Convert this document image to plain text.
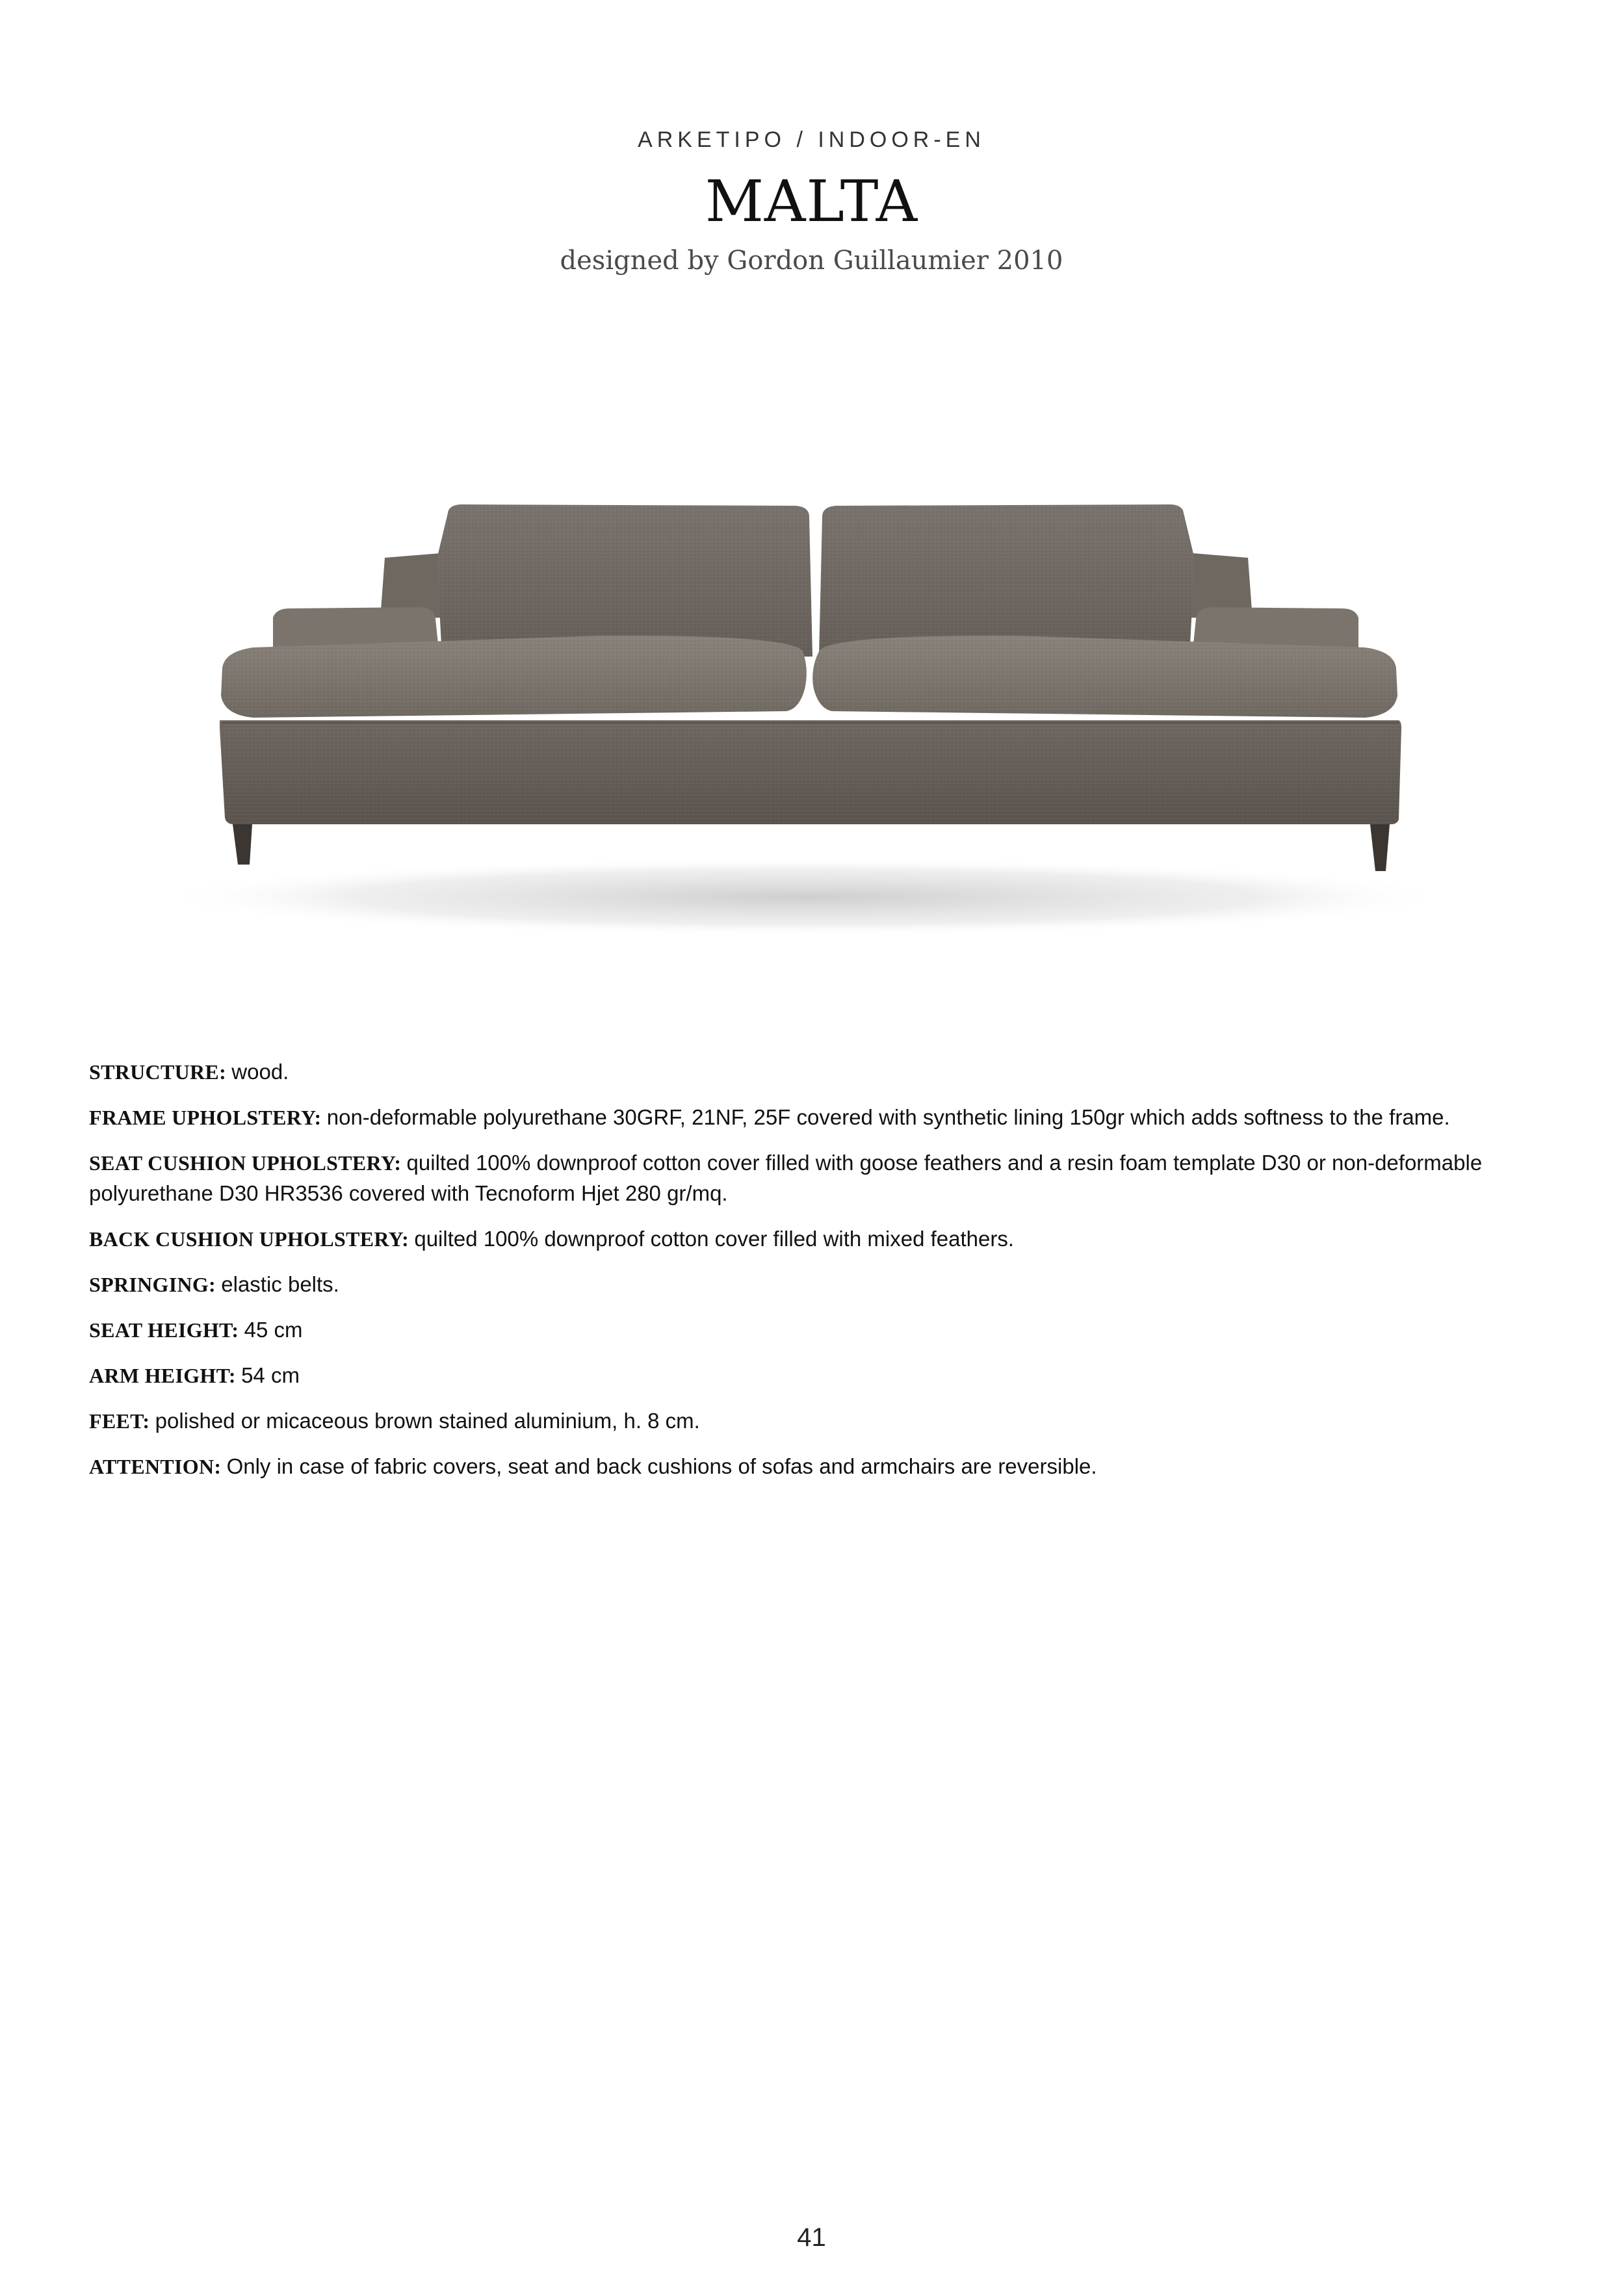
ARKETIPO / INDOOR-EN
MALTA
designed by Gordon Guillaumier 2010
STRUCTURE: wood.
FRAME UPHOLSTERY: non-deformable polyurethane 30GRF, 21NF, 25F covered with synthetic lining 150gr which adds softness to the frame.
SEAT CUSHION UPHOLSTERY: quilted 100% downproof cotton cover filled with goose feathers and a resin foam template D30 or non-deformable polyurethane D30 HR3536 covered with Tecnoform Hjet 280 gr/mq.
BACK CUSHION UPHOLSTERY: quilted 100% downproof cotton cover filled with mixed feathers.
SPRINGING: elastic belts.
SEAT HEIGHT: 45 cm
ARM HEIGHT: 54 cm
FEET: polished or micaceous brown stained aluminium, h. 8 cm.
ATTENTION: Only in case of fabric covers, seat and back cushions of sofas and armchairs are reversible.
41
